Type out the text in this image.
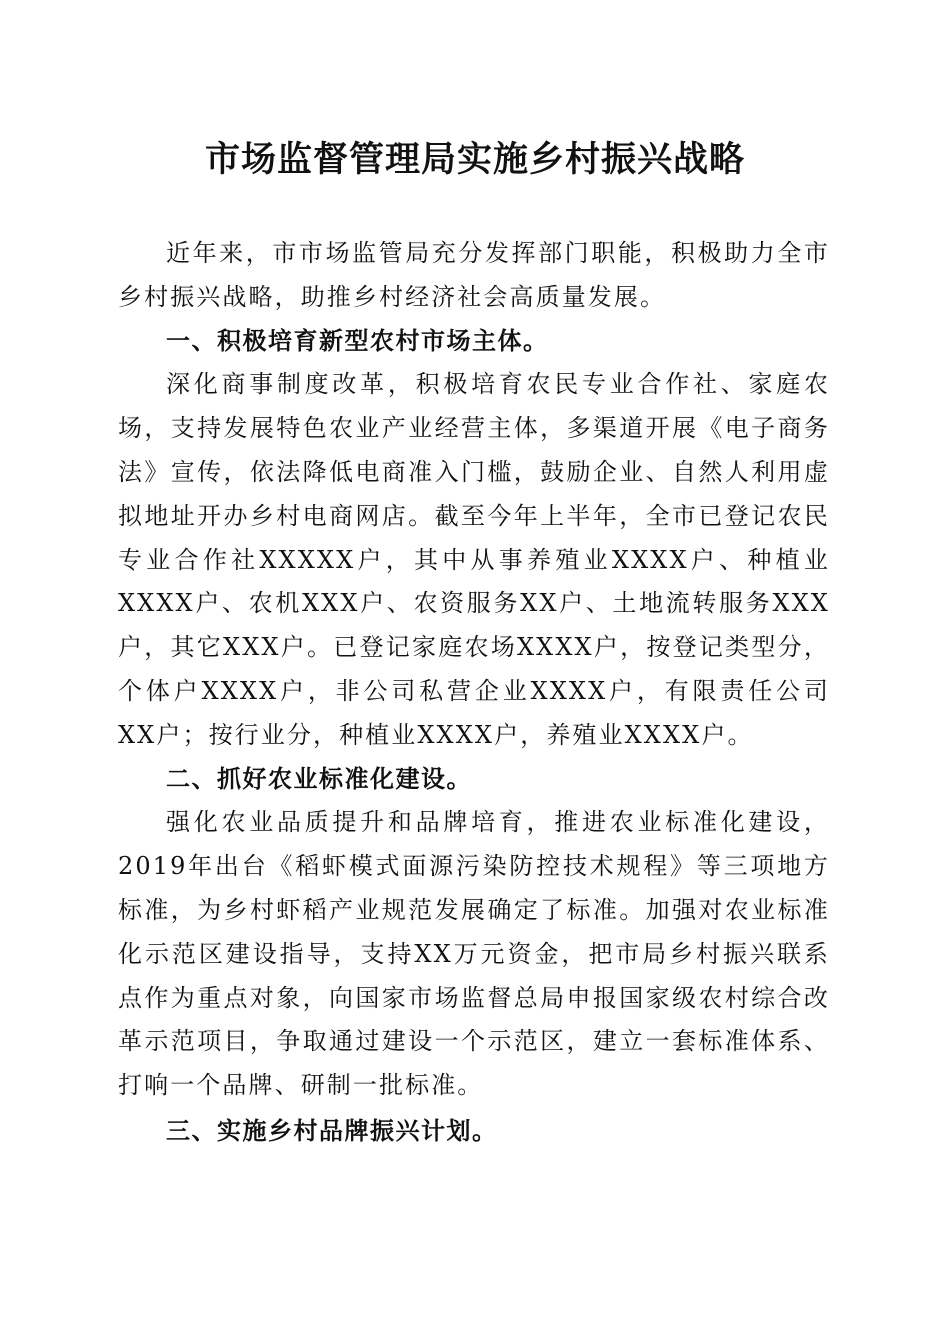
市场监督管理局实施乡村振兴战略

近年来，市市场监管局充分发挥部门职能，积极助力全市乡村振兴战略，助推乡村经济社会高质量发展。

一、积极培育新型农村市场主体。

深化商事制度改革，积极培育农民专业合作社、家庭农场，支持发展特色农业产业经营主体，多渠道开展《电子商务法》宣传，依法降低电商准入门槛，鼓励企业、自然人利用虚拟地址开办乡村电商网店。截至今年上半年，全市已登记农民专业合作社XXXXX户，其中从事养殖业XXXX户、种植业XXXX户、农机XXX户、农资服务XX户、土地流转服务XXX户，其它XXX户。已登记家庭农场XXXX户，按登记类型分，个体户XXXX户，非公司私营企业XXXX户，有限责任公司XX户；按行业分，种植业XXXX户，养殖业XXXX户。

二、抓好农业标准化建设。

强化农业品质提升和品牌培育，推进农业标准化建设，2019年出台《稻虾模式面源污染防控技术规程》等三项地方标准，为乡村虾稻产业规范发展确定了标准。加强对农业标准化示范区建设指导，支持XX万元资金，把市局乡村振兴联系点作为重点对象，向国家市场监督总局申报国家级农村综合改革示范项目，争取通过建设一个示范区，建立一套标准体系、打响一个品牌、研制一批标准。

三、实施乡村品牌振兴计划。
